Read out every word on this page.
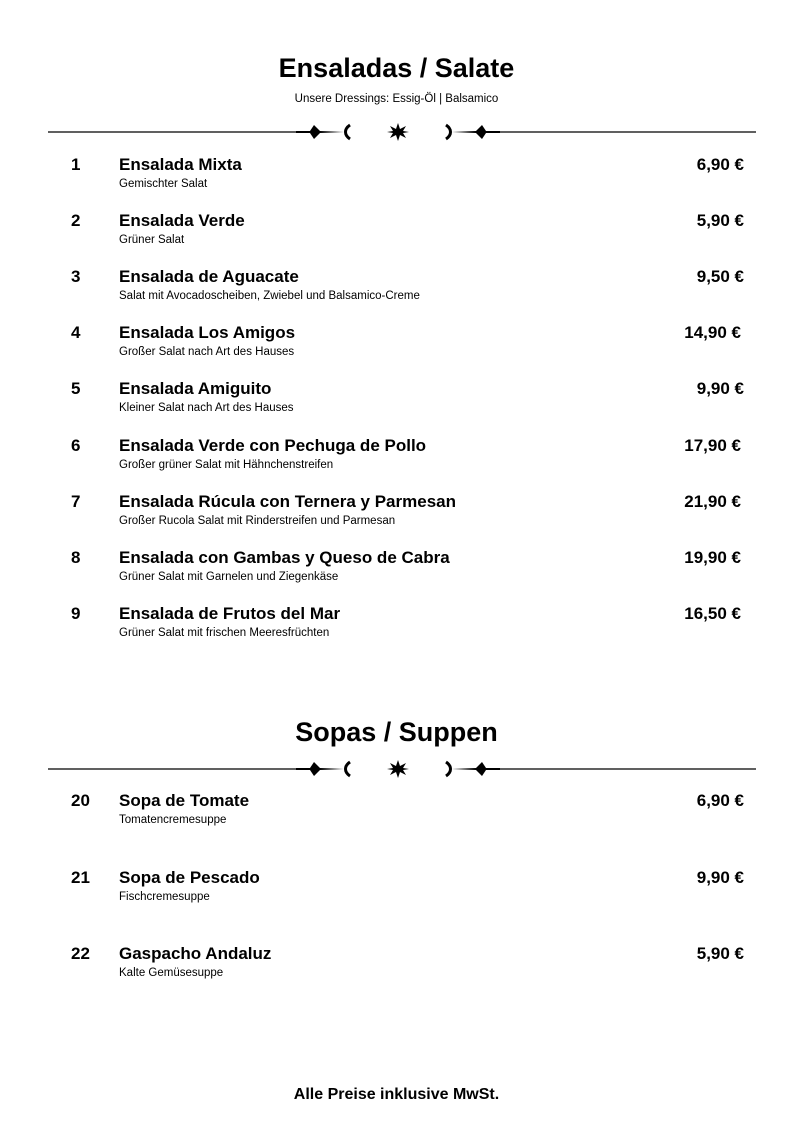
Ensaladas / Salate
Unsere Dressings: Essig-Öl | Balsamico
1 Ensalada Mixta
Gemischter Salat
6,90 €
2 Ensalada Verde
Grüner Salat
5,90 €
3 Ensalada de Aguacate
Salat mit Avocadoscheiben, Zwiebel und Balsamico-Creme
9,50 €
4 Ensalada Los Amigos
Großer Salat nach Art des Hauses
14,90 €
5 Ensalada Amiguito
Kleiner Salat nach Art des Hauses
9,90 €
6 Ensalada Verde con Pechuga de Pollo
Großer grüner Salat mit Hähnchenstreifen
17,90 €
7 Ensalada Rúcula con Ternera y Parmesan
Großer Rucola Salat mit Rinderstreifen und Parmesan
21,90 €
8 Ensalada con Gambas y Queso de Cabra
Grüner Salat mit Garnelen und Ziegenkäse
19,90 €
9 Ensalada de Frutos del Mar
Grüner Salat mit frischen Meeresfrüchten
16,50 €
Sopas / Suppen
20 Sopa de Tomate
Tomatencremesuppe
6,90 €
21 Sopa de Pescado
Fischcremesuppe
9,90 €
22 Gaspacho Andaluz
Kalte Gemüsesuppe
5,90 €
Alle Preise inklusive MwSt.
